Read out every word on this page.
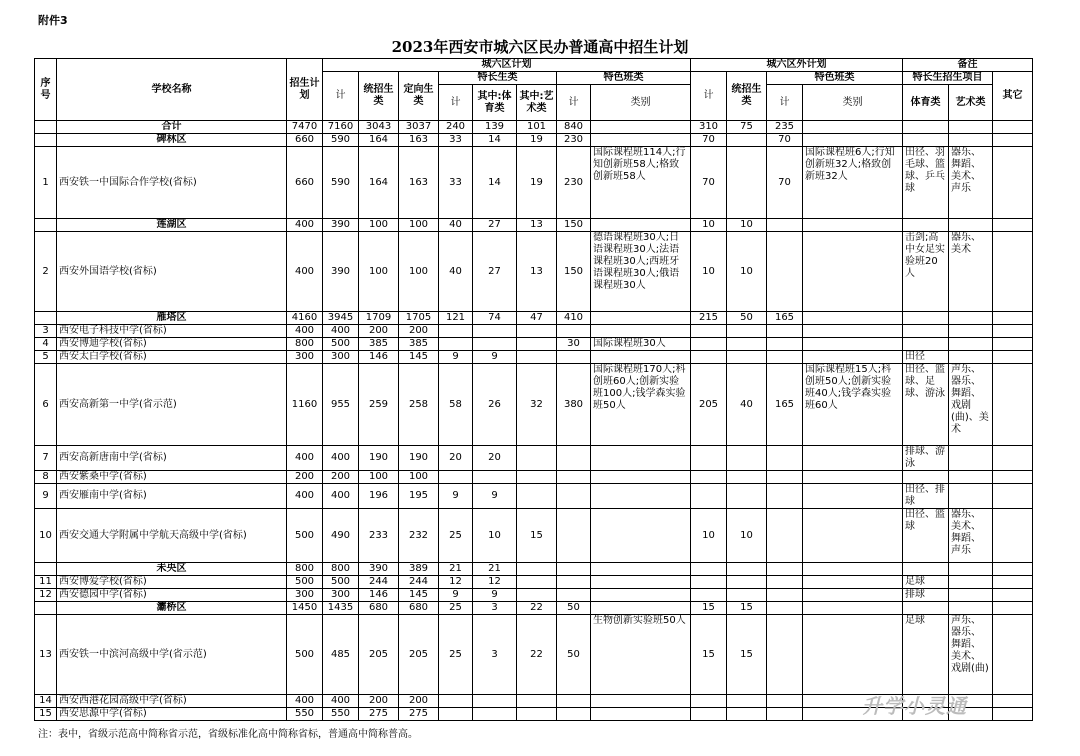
附件3
2023年西安市城六区民办普通高中招生计划
序号	学校名称	招生计划	城六区计划								城六区外计划				备注		
			计	统招生类	定向生类	特长生类			特色班类		计	统招生类	特色班类		特长生招生项目		其它
						计	其中:体育类	其中:艺术类	计	类别			计	类别	体育类	艺术类	
	合计	7470	7160	3043	3037	240	139	101	840		310	75	235				
	碑林区	660	590	164	163	33	14	19	230		70		70				
1	西安铁一中国际合作学校(省标)	660	590	164	163	33	14	19	230	国际课程班114人;行知创新班58人;格致创新班58人	70		70	国际课程班6人;行知创新班32人;格致创新班32人	田径、羽毛球、篮球、乒乓球	器乐、舞蹈、美术、声乐	
	莲湖区	400	390	100	100	40	27	13	150		10	10					
2	西安外国语学校(省标)	400	390	100	100	40	27	13	150	德语课程班30人;日语课程班30人;法语课程班30人;西班牙语课程班30人;俄语课程班30人	10	10			击剑;高中女足实验班20人	器乐、美术	
	雁塔区	4160	3945	1709	1705	121	74	47	410		215	50	165				
3	西安电子科技中学(省标)	400	400	200	200												
4	西安博迪学校(省标)	800	500	385	385				30	国际课程班30人							
5	西安太白学校(省标)	300	300	146	145	9	9								田径		
6	西安高新第一中学(省示范)	1160	955	259	258	58	26	32	380	国际课程班170人;科创班60人;创新实验班100人;钱学森实验班50人	205	40	165	国际课程班15人;科创班50人;创新实验班40人;钱学森实验班60人	田径、篮球、足球、游泳	声乐、器乐、舞蹈、戏剧(曲)、美术	
7	西安高新唐南中学(省标)	400	400	190	190	20	20								排球、游泳		
8	西安紫桑中学(省标)	200	200	100	100												
9	西安雁南中学(省标)	400	400	196	195	9	9								田径、排球		
10	西安交通大学附属中学航天高级中学(省标)	500	490	233	232	25	10	15			10	10			田径、篮球	器乐、美术、舞蹈、声乐	
	未央区	800	800	390	389	21	21										
11	西安博爱学校(省标)	500	500	244	244	12	12								足球		
12	西安德园中学(省标)	300	300	146	145	9	9								排球		
	灞桥区	1450	1435	680	680	25	3	22	50		15	15					
13	西安铁一中滨河高级中学(省示范)	500	485	205	205	25	3	22	50	生物创新实验班50人	15	15			足球	声乐、器乐、舞蹈、美术、戏剧(曲)	
14	西安西港花园高级中学(省标)	400	400	200	200												
15	西安思源中学(省标)	550	550	275	275												
注：表中，省级示范高中简称省示范，省级标准化高中简称省标，普通高中简称普高。
升学小灵通
